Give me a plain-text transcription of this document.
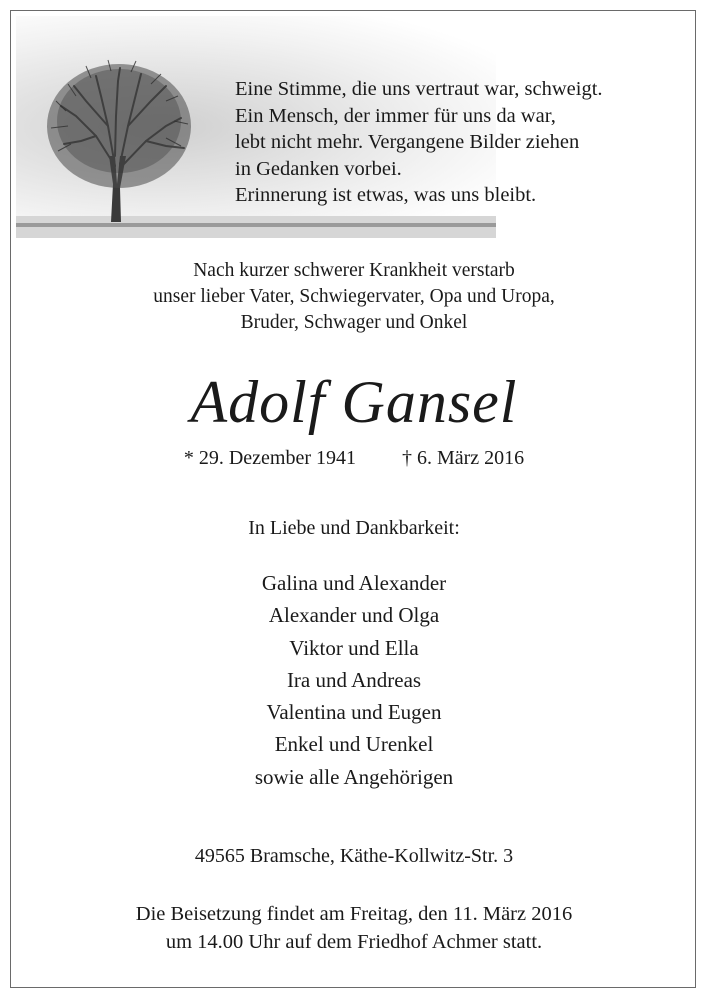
Eine Stimme, die uns vertraut war, schweigt.
Ein Mensch, der immer für uns da war,
lebt nicht mehr. Vergangene Bilder ziehen
in Gedanken vorbei.
Erinnerung ist etwas, was uns bleibt.
Nach kurzer schwerer Krankheit verstarb
unser lieber Vater, Schwiegervater, Opa und Uropa,
Bruder, Schwager und Onkel
Adolf Gansel
* 29. Dezember 1941 † 6. März 2016
In Liebe und Dankbarkeit:
Galina und Alexander
Alexander und Olga
Viktor und Ella
Ira und Andreas
Valentina und Eugen
Enkel und Urenkel
sowie alle Angehörigen
49565 Bramsche, Käthe-Kollwitz-Str. 3
Die Beisetzung findet am Freitag, den 11. März 2016
um 14.00 Uhr auf dem Friedhof Achmer statt.
